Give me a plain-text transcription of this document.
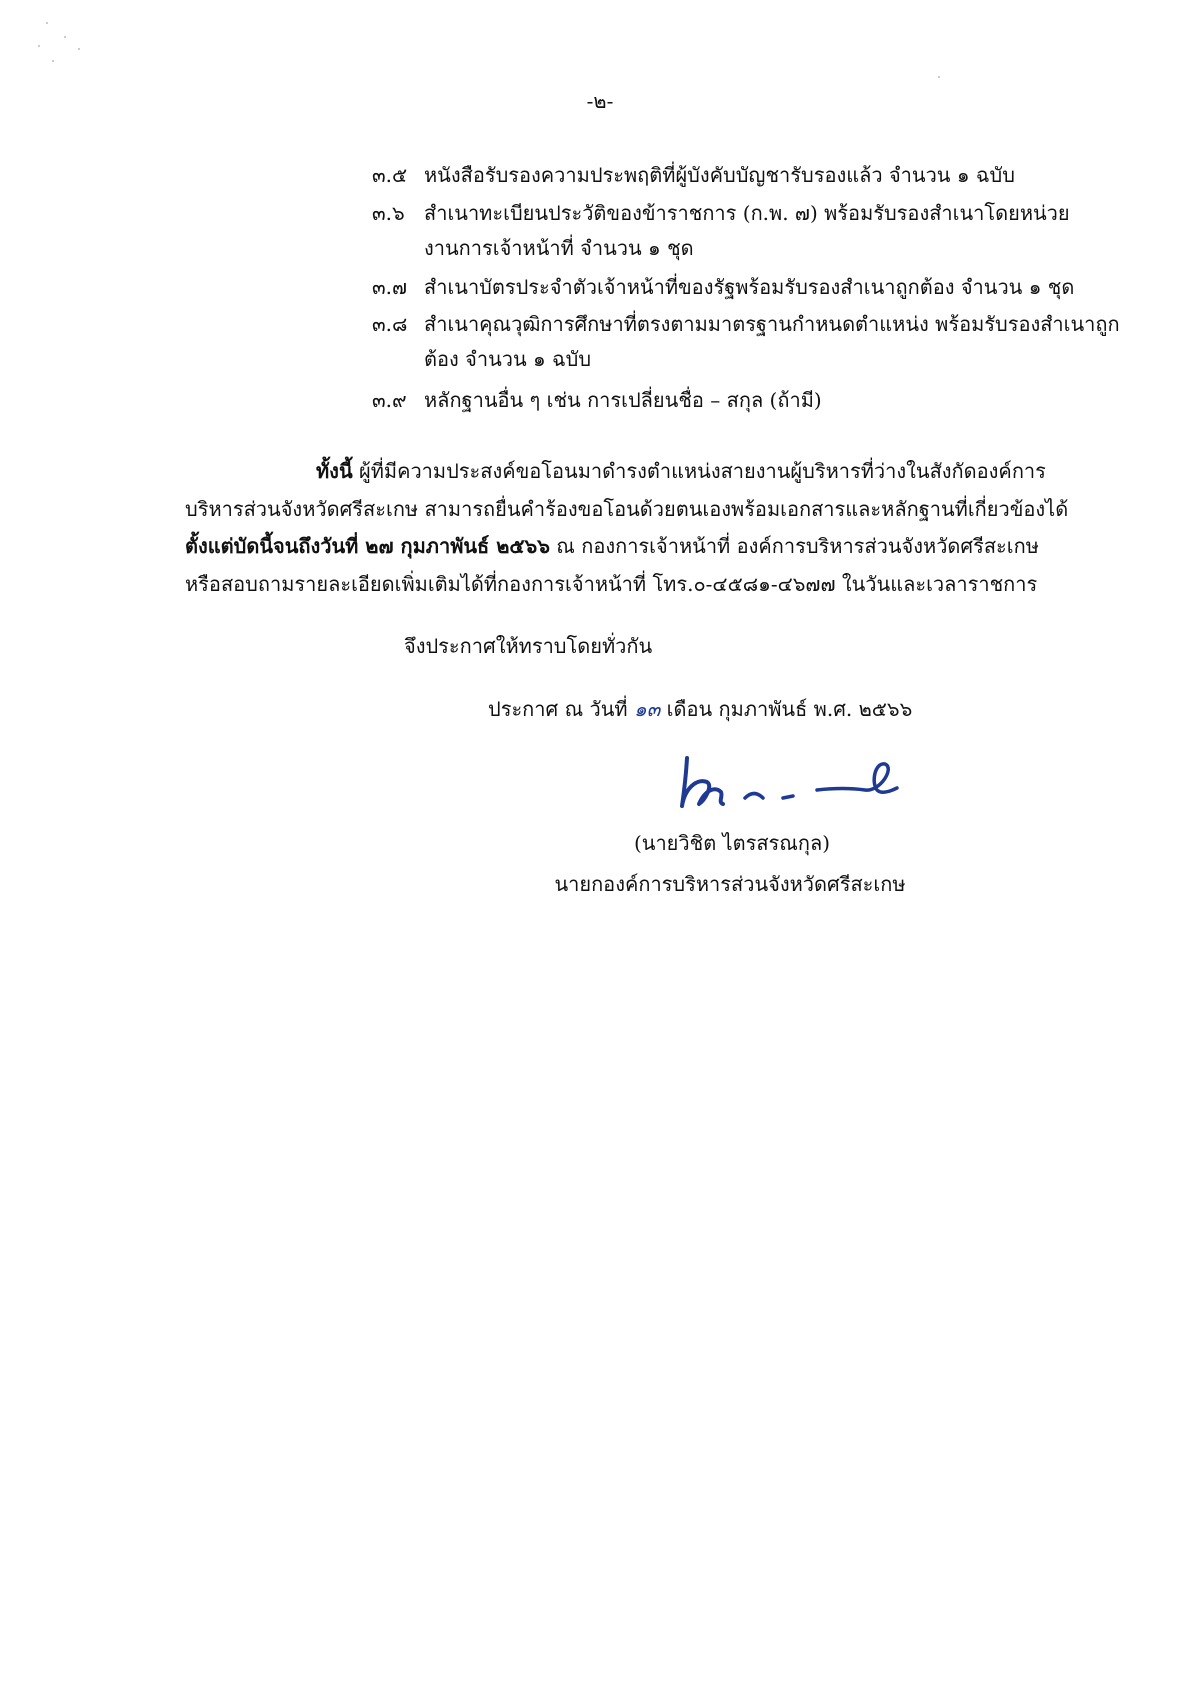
-๒-
๓.๕ หนังสือรับรองความประพฤติที่ผู้บังคับบัญชารับรองแล้ว จำนวน ๑ ฉบับ
๓.๖ สำเนาทะเบียนประวัติของข้าราชการ (ก.พ. ๗) พร้อมรับรองสำเนาโดยหน่วยงานการเจ้าหน้าที่ จำนวน ๑ ชุด
๓.๗ สำเนาบัตรประจำตัวเจ้าหน้าที่ของรัฐพร้อมรับรองสำเนาถูกต้อง จำนวน ๑ ชุด
๓.๘ สำเนาคุณวุฒิการศึกษาที่ตรงตามมาตรฐานกำหนดตำแหน่ง พร้อมรับรองสำเนาถูกต้อง จำนวน ๑ ฉบับ
๓.๙ หลักฐานอื่น ๆ เช่น การเปลี่ยนชื่อ – สกุล (ถ้ามี)
ทั้งนี้ ผู้ที่มีความประสงค์ขอโอนมาดำรงตำแหน่งสายงานผู้บริหารที่ว่างในสังกัดองค์การ
บริหารส่วนจังหวัดศรีสะเกษ สามารถยื่นคำร้องขอโอนด้วยตนเองพร้อมเอกสารและหลักฐานที่เกี่ยวข้องได้
ตั้งแต่บัดนี้จนถึงวันที่ ๒๗ กุมภาพันธ์ ๒๕๖๖ ณ กองการเจ้าหน้าที่ องค์การบริหารส่วนจังหวัดศรีสะเกษ
หรือสอบถามรายละเอียดเพิ่มเติมได้ที่กองการเจ้าหน้าที่ โทร.๐-๔๕๘๑-๔๖๗๗ ในวันและเวลาราชการ
จึงประกาศให้ทราบโดยทั่วกัน
ประกาศ ณ วันที่ ๑๓ เดือน กุมภาพันธ์ พ.ศ. ๒๕๖๖
(นายวิชิต ไตรสรณกุล)
นายกองค์การบริหารส่วนจังหวัดศรีสะเกษ
